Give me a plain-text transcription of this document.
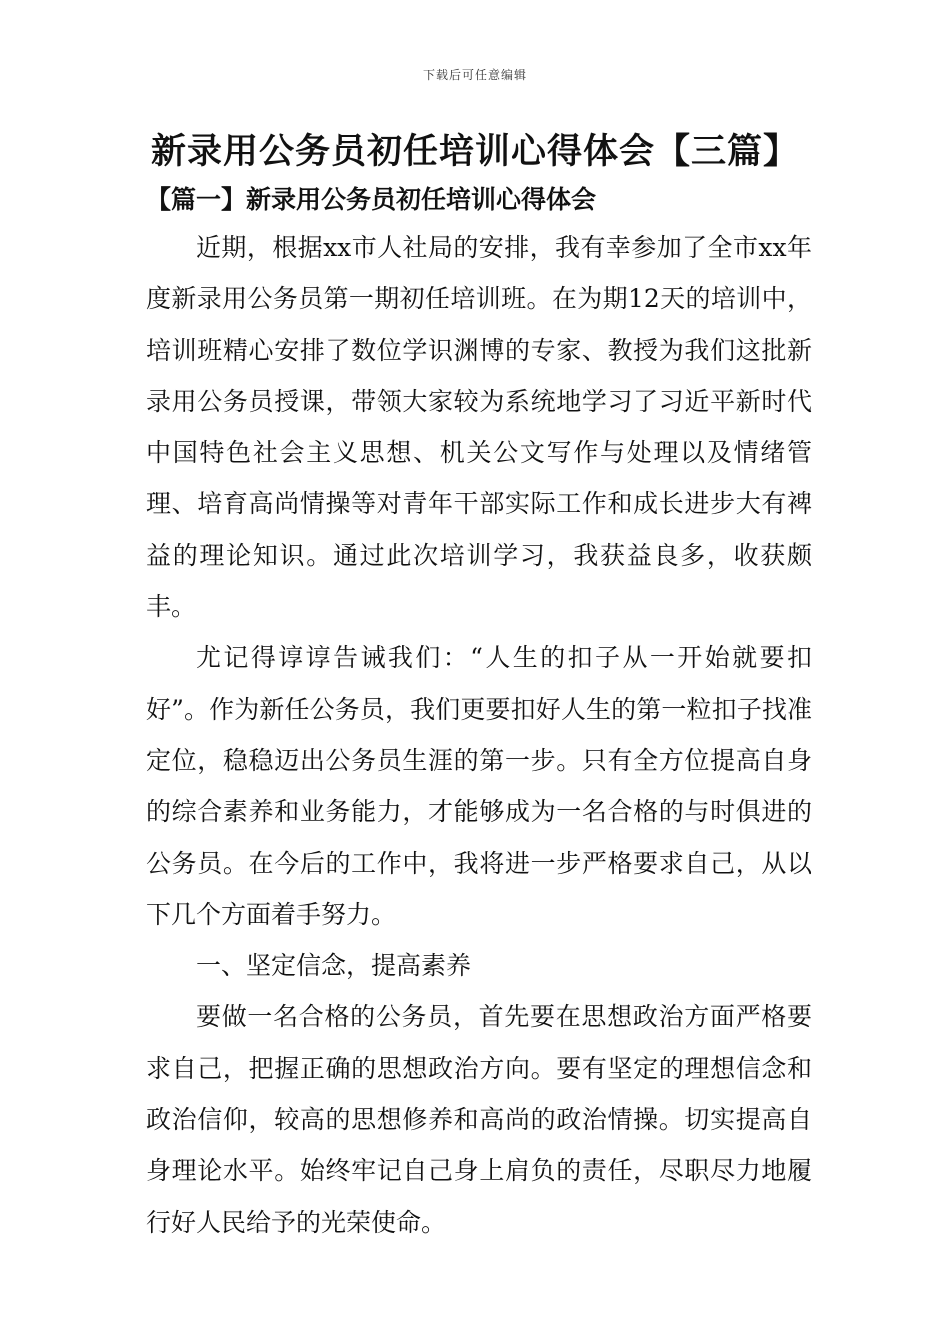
下载后可任意编辑
新录用公务员初任培训心得体会【三篇】
【篇一】新录用公务员初任培训心得体会

近期，根据xx市人社局的安排，我有幸参加了全市xx年度新录用公务员第一期初任培训班。在为期12天的培训中，培训班精心安排了数位学识渊博的专家、教授为我们这批新录用公务员授课，带领大家较为系统地学习了习近平新时代中国特色社会主义思想、机关公文写作与处理以及情绪管理、培育高尚情操等对青年干部实际工作和成长进步大有裨益的理论知识。通过此次培训学习，我获益良多，收获颇丰。

尤记得谆谆告诫我们：“人生的扣子从一开始就要扣好”。作为新任公务员，我们更要扣好人生的第一粒扣子找准定位，稳稳迈出公务员生涯的第一步。只有全方位提高自身的综合素养和业务能力，才能够成为一名合格的与时俱进的公务员。在今后的工作中，我将进一步严格要求自己，从以下几个方面着手努力。

一、坚定信念，提高素养

要做一名合格的公务员，首先要在思想政治方面严格要求自己，把握正确的思想政治方向。要有坚定的理想信念和政治信仰，较高的思想修养和高尚的政治情操。切实提高自身理论水平。始终牢记自己身上肩负的责任，尽职尽力地履行好人民给予的光荣使命。
